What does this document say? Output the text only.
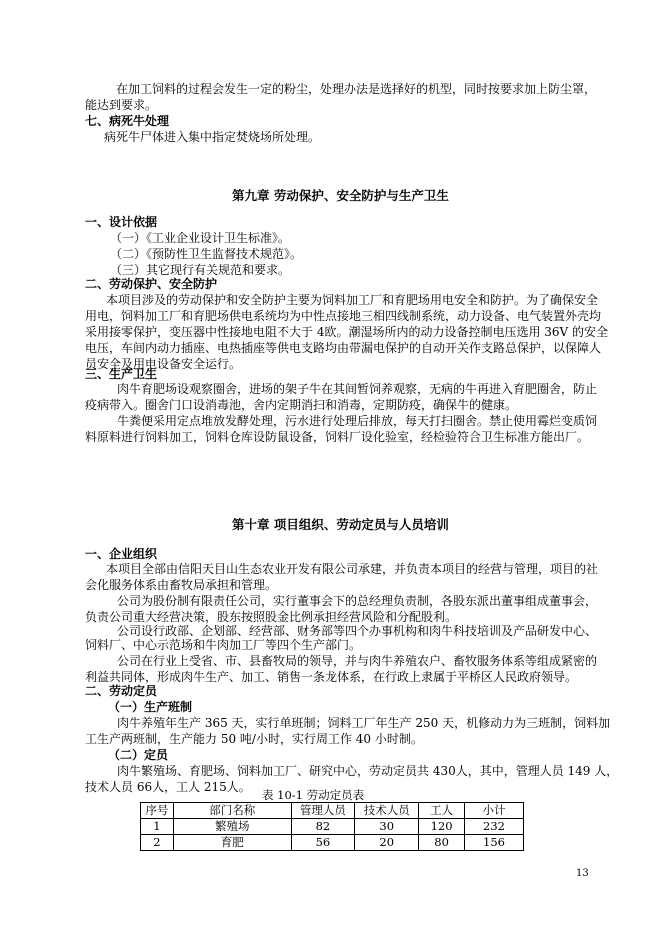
在加工饲料的过程会发生一定的粉尘，处理办法是选择好的机型，同时按要求加上防尘罩，
能达到要求。
七、病死牛处理
病死牛尸体进入集中指定焚烧场所处理。
第九章 劳动保护、安全防护与生产卫生
一、设计依据
（一）《工业企业设计卫生标准》。
（二）《预防性卫生监督技术规范》。
（三）其它现行有关规范和要求。
二、劳动保护、安全防护
本项目涉及的劳动保护和安全防护主要为饲料加工厂和育肥场用电安全和防护。为了确保安全
用电，饲料加工厂和育肥场供电系统均为中性点接地三相四线制系统，动力设备、电气装置外壳均
采用接零保护，变压器中性接地电阻不大于 4欧。潮湿场所内的动力设备控制电压选用 36V 的安全
电压，车间内动力插座、电热插座等供电支路均由带漏电保护的自动开关作支路总保护，以保障人
员安全及用电设备安全运行。
三、生产卫生
肉牛育肥场设观察圈舍，进场的架子牛在其间暂饲养观察，无病的牛再进入育肥圈舍，防止
疫病带入。圈舍门口设消毒池，舍内定期消扫和消毒，定期防疫，确保牛的健康。
牛粪便采用定点堆放发酵处理，污水进行处理后排放，每天打扫圈舍。禁止使用霉烂变质饲
料原料进行饲料加工，饲料仓库设防鼠设备，饲料厂设化验室，经检验符合卫生标准方能出厂。
第十章 项目组织、劳动定员与人员培训
一、企业组织
本项目全部由信阳天目山生态农业开发有限公司承建，并负责本项目的经营与管理，项目的社
会化服务体系由畜牧局承担和管理。
公司为股份制有限责任公司，实行董事会下的总经理负责制，各股东派出董事组成董事会，
负责公司重大经营决策，股东按照股金比例承担经营风险和分配股利。
公司设行政部、企划部、经营部、财务部等四个办事机构和肉牛科技培训及产品研发中心、
饲料厂、中心示范场和牛肉加工厂等四个生产部门。
公司在行业上受省、市、县畜牧局的领导，并与肉牛养殖农户、畜牧服务体系等组成紧密的
利益共同体，形成肉牛生产、加工、销售一条龙体系，在行政上隶属于平桥区人民政府领导。
二、劳动定员
（一）生产班制
肉牛养殖年生产 365 天，实行单班制；饲料工厂年生产 250 天，机修动力为三班制，饲料加
工生产两班制，生产能力 50 吨/小时，实行周工作 40 小时制。
（二）定员
肉牛繁殖场、育肥场、饲料加工厂、研究中心，劳动定员共 430人，其中，管理人员 149 人，
技术人员 66人，工人 215人。
表 10-1 劳动定员表
序号	部门名称	管理人员	技术人员	工人	小计
1	繁殖场	82	30	120	232
2	育肥	56	20	80	156
13
